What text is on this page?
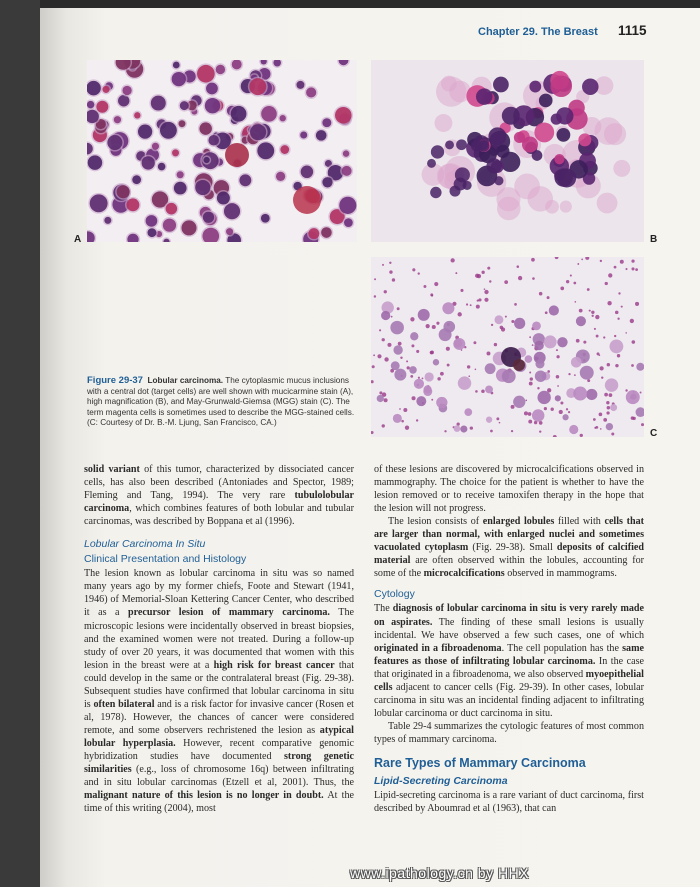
Chapter 29. The Breast 1115
A	B
C
Figure 29-37 Lobular carcinoma. The cytoplasmic mucus inclusions with a central dot (target cells) are well shown with mucicarmine stain (A), high magnification (B), and May-Grunwald-Giemsa (MGG) stain (C). The term magenta cells is sometimes used to describe the MGG-stained cells. (C: Courtesy of Dr. B.-M. Ljung, San Francisco, CA.)

solid variant of this tumor, characterized by dissociated cancer cells, has also been described (Antoniades and Spector, 1989; Fleming and Tang, 1994). The very rare tubulolobular carcinoma, which combines features of both lobular and tubular carcinomas, was described by Boppana et al (1996).

Lobular Carcinoma In Situ
Clinical Presentation and Histology

The lesion known as lobular carcinoma in situ was so named many years ago by my former chiefs, Foote and Stewart (1941, 1946) of Memorial-Sloan Kettering Cancer Center, who described it as a precursor lesion of mammary carcinoma. The microscopic lesions were incidentally observed in breast biopsies, and the examined women were not treated. During a follow-up study of over 20 years, it was documented that women with this lesion in the breast were at a high risk for breast cancer that could develop in the same or the contralateral breast (Fig. 29-38). Subsequent studies have confirmed that lobular carcinoma in situ is often bilateral and is a risk factor for invasive cancer (Rosen et al, 1978). However, the chances of cancer were considered remote, and some observers rechristened the lesion as atypical lobular hyperplasia. However, recent comparative genomic hybridization studies have documented strong genetic similarities (e.g., loss of chromosome 16q) between infiltrating and in situ lobular carcinomas (Etzell et al, 2001). Thus, the malignant nature of this lesion is no longer in doubt. At the time of this writing (2004), most

of these lesions are discovered by microcalcifications observed in mammography. The choice for the patient is whether to have the lesion removed or to receive tamoxifen therapy in the hope that the lesion will not progress.

The lesion consists of enlarged lobules filled with cells that are larger than normal, with enlarged nuclei and sometimes vacuolated cytoplasm (Fig. 29-38). Small deposits of calcified material are often observed within the lobules, accounting for some of the microcalcifications observed in mammograms.

Cytology

The diagnosis of lobular carcinoma in situ is very rarely made on aspirates. The finding of these small lesions is usually incidental. We have observed a few such cases, one of which originated in a fibroadenoma. The cell population has the same features as those of infiltrating lobular carcinoma. In the case that originated in a fibroadenoma, we also observed myoepithelial cells adjacent to cancer cells (Fig. 29-39). In other cases, lobular carcinoma in situ was an incidental finding adjacent to infiltrating lobular carcinoma or duct carcinoma in situ.

Table 29-4 summarizes the cytologic features of most common types of mammary carcinoma.

Rare Types of Mammary Carcinoma
Lipid-Secreting Carcinoma

Lipid-secreting carcinoma is a rare variant of duct carcinoma, first described by Aboumrad et al (1963), that can

www.ipathology.cn by HHX
